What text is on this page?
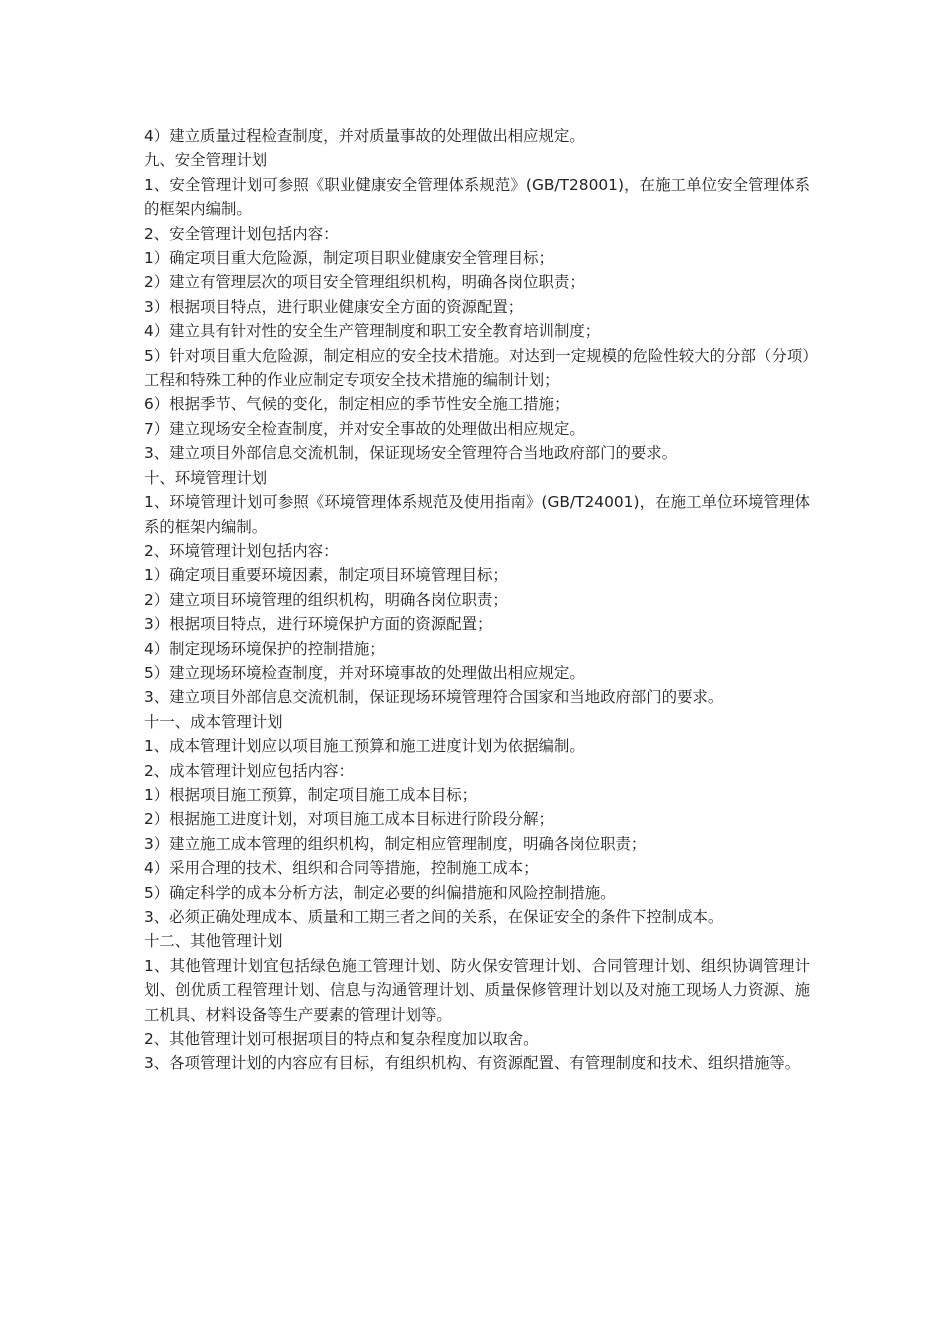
4）建立质量过程检查制度，并对质量事故的处理做出相应规定。

九、安全管理计划

1、安全管理计划可参照《职业健康安全管理体系规范》(GB/T28001)，在施工单位安全管理体系的框架内编制。

2、安全管理计划包括内容：

1）确定项目重大危险源，制定项目职业健康安全管理目标；

2）建立有管理层次的项目安全管理组织机构，明确各岗位职责；

3）根据项目特点，进行职业健康安全方面的资源配置；

4）建立具有针对性的安全生产管理制度和职工安全教育培训制度；

5）针对项目重大危险源，制定相应的安全技术措施。对达到一定规模的危险性较大的分部（分项）工程和特殊工种的作业应制定专项安全技术措施的编制计划；

6）根据季节、气候的变化，制定相应的季节性安全施工措施；

7）建立现场安全检查制度，并对安全事故的处理做出相应规定。

3、建立项目外部信息交流机制，保证现场安全管理符合当地政府部门的要求。

十、环境管理计划

1、环境管理计划可参照《环境管理体系规范及使用指南》(GB/T24001)，在施工单位环境管理体系的框架内编制。

2、环境管理计划包括内容：

1）确定项目重要环境因素，制定项目环境管理目标；

2）建立项目环境管理的组织机构，明确各岗位职责；

3）根据项目特点，进行环境保护方面的资源配置；

4）制定现场环境保护的控制措施；

5）建立现场环境检查制度，并对环境事故的处理做出相应规定。

3、建立项目外部信息交流机制，保证现场环境管理符合国家和当地政府部门的要求。

十一、成本管理计划

1、成本管理计划应以项目施工预算和施工进度计划为依据编制。

2、成本管理计划应包括内容：

1）根据项目施工预算，制定项目施工成本目标；

2）根据施工进度计划，对项目施工成本目标进行阶段分解；

3）建立施工成本管理的组织机构，制定相应管理制度，明确各岗位职责；

4）采用合理的技术、组织和合同等措施，控制施工成本；

5）确定科学的成本分析方法，制定必要的纠偏措施和风险控制措施。

3、必须正确处理成本、质量和工期三者之间的关系，在保证安全的条件下控制成本。

十二、其他管理计划

1、其他管理计划宜包括绿色施工管理计划、防火保安管理计划、合同管理计划、组织协调管理计划、创优质工程管理计划、信息与沟通管理计划、质量保修管理计划以及对施工现场人力资源、施工机具、材料设备等生产要素的管理计划等。

2、其他管理计划可根据项目的特点和复杂程度加以取舍。

3、各项管理计划的内容应有目标，有组织机构、有资源配置、有管理制度和技术、组织措施等。
